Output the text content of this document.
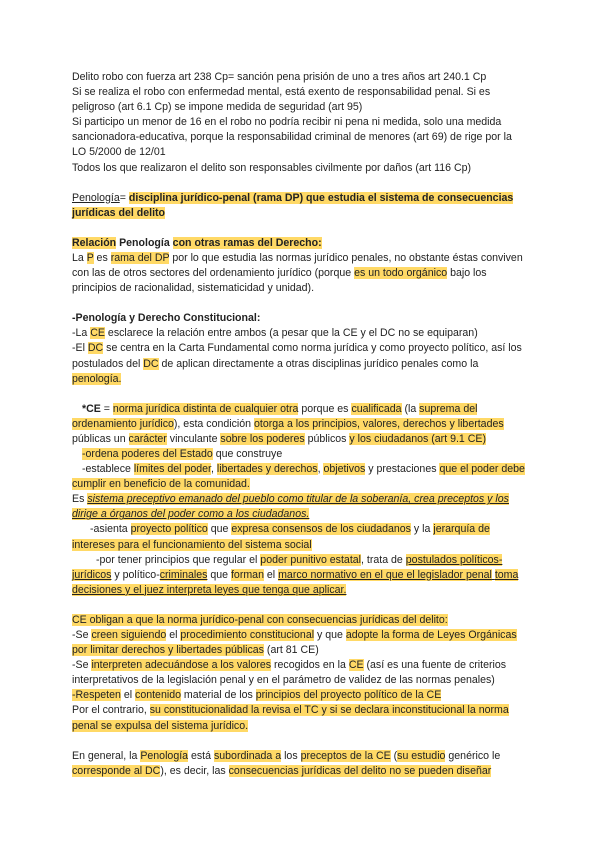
Delito robo con fuerza art 238 Cp= sanción pena prisión de uno a tres años art 240.1 Cp

Si se realiza el robo con enfermedad mental, está exento de responsabilidad penal. Si es peligroso (art 6.1 Cp) se impone medida de seguridad (art 95)

Si participo un menor de 16 en el robo no podría recibir ni pena ni medida, solo una medida sancionadora-educativa, porque la responsabilidad criminal de menores (art 69) de rige por la LO 5/2000 de 12/01

Todos los que realizaron el delito son responsables civilmente por daños (art 116 Cp)

Penología= disciplina jurídico-penal (rama DP) que estudia el sistema de consecuencias jurídicas del delito

Relación Penología con otras ramas del Derecho:

La P es rama del DP por lo que estudia las normas jurídico penales, no obstante éstas conviven con las de otros sectores del ordenamiento jurídico (porque es un todo orgánico bajo los principios de racionalidad, sistematicidad y unidad).

-Penología y Derecho Constitucional:

-La CE esclarece la relación entre ambos (a pesar que la CE y el DC no se equiparan)

-El DC se centra en la Carta Fundamental como norma jurídica y como proyecto político, así los postulados del DC de aplican directamente a otras disciplinas jurídico penales como la penología.

*CE = norma jurídica distinta de cualquier otra porque es cualificada (la suprema del ordenamiento jurídico), esta condición otorga a los principios, valores, derechos y libertades públicas un carácter vinculante sobre los poderes públicos y los ciudadanos (art 9.1 CE)

-ordena poderes del Estado que construye

-establece límites del poder, libertades y derechos, objetivos y prestaciones que el poder debe cumplir en beneficio de la comunidad.

Es sistema preceptivo emanado del pueblo como titular de la soberanía, crea preceptos y los dirige a órganos del poder como a los ciudadanos.

-asienta proyecto político que expresa consensos de los ciudadanos y la jerarquía de intereses para el funcionamiento del sistema social

-por tener principios que regular el poder punitivo estatal, trata de postulados políticos-jurídicos y político-criminales que forman el marco normativo en el que el legislador penal toma decisiones y el juez interpreta leyes que tenga que aplicar.

CE obligan a que la norma jurídico-penal con consecuencias jurídicas del delito:

-Se creen siguiendo el procedimiento constitucional y que adopte la forma de Leyes Orgánicas por limitar derechos y libertades públicas (art 81 CE)

-Se interpreten adecuándose a los valores recogidos en la CE (así es una fuente de criterios interpretativos de la legislación penal y en el parámetro de validez de las normas penales)

-Respeten el contenido material de los principios del proyecto político de la CE

Por el contrario, su constitucionalidad la revisa el TC y si se declara inconstitucional la norma penal se expulsa del sistema jurídico.

En general, la Penología está subordinada a los preceptos de la CE (su estudio genérico le corresponde al DC), es decir, las consecuencias jurídicas del delito no se pueden diseñar
